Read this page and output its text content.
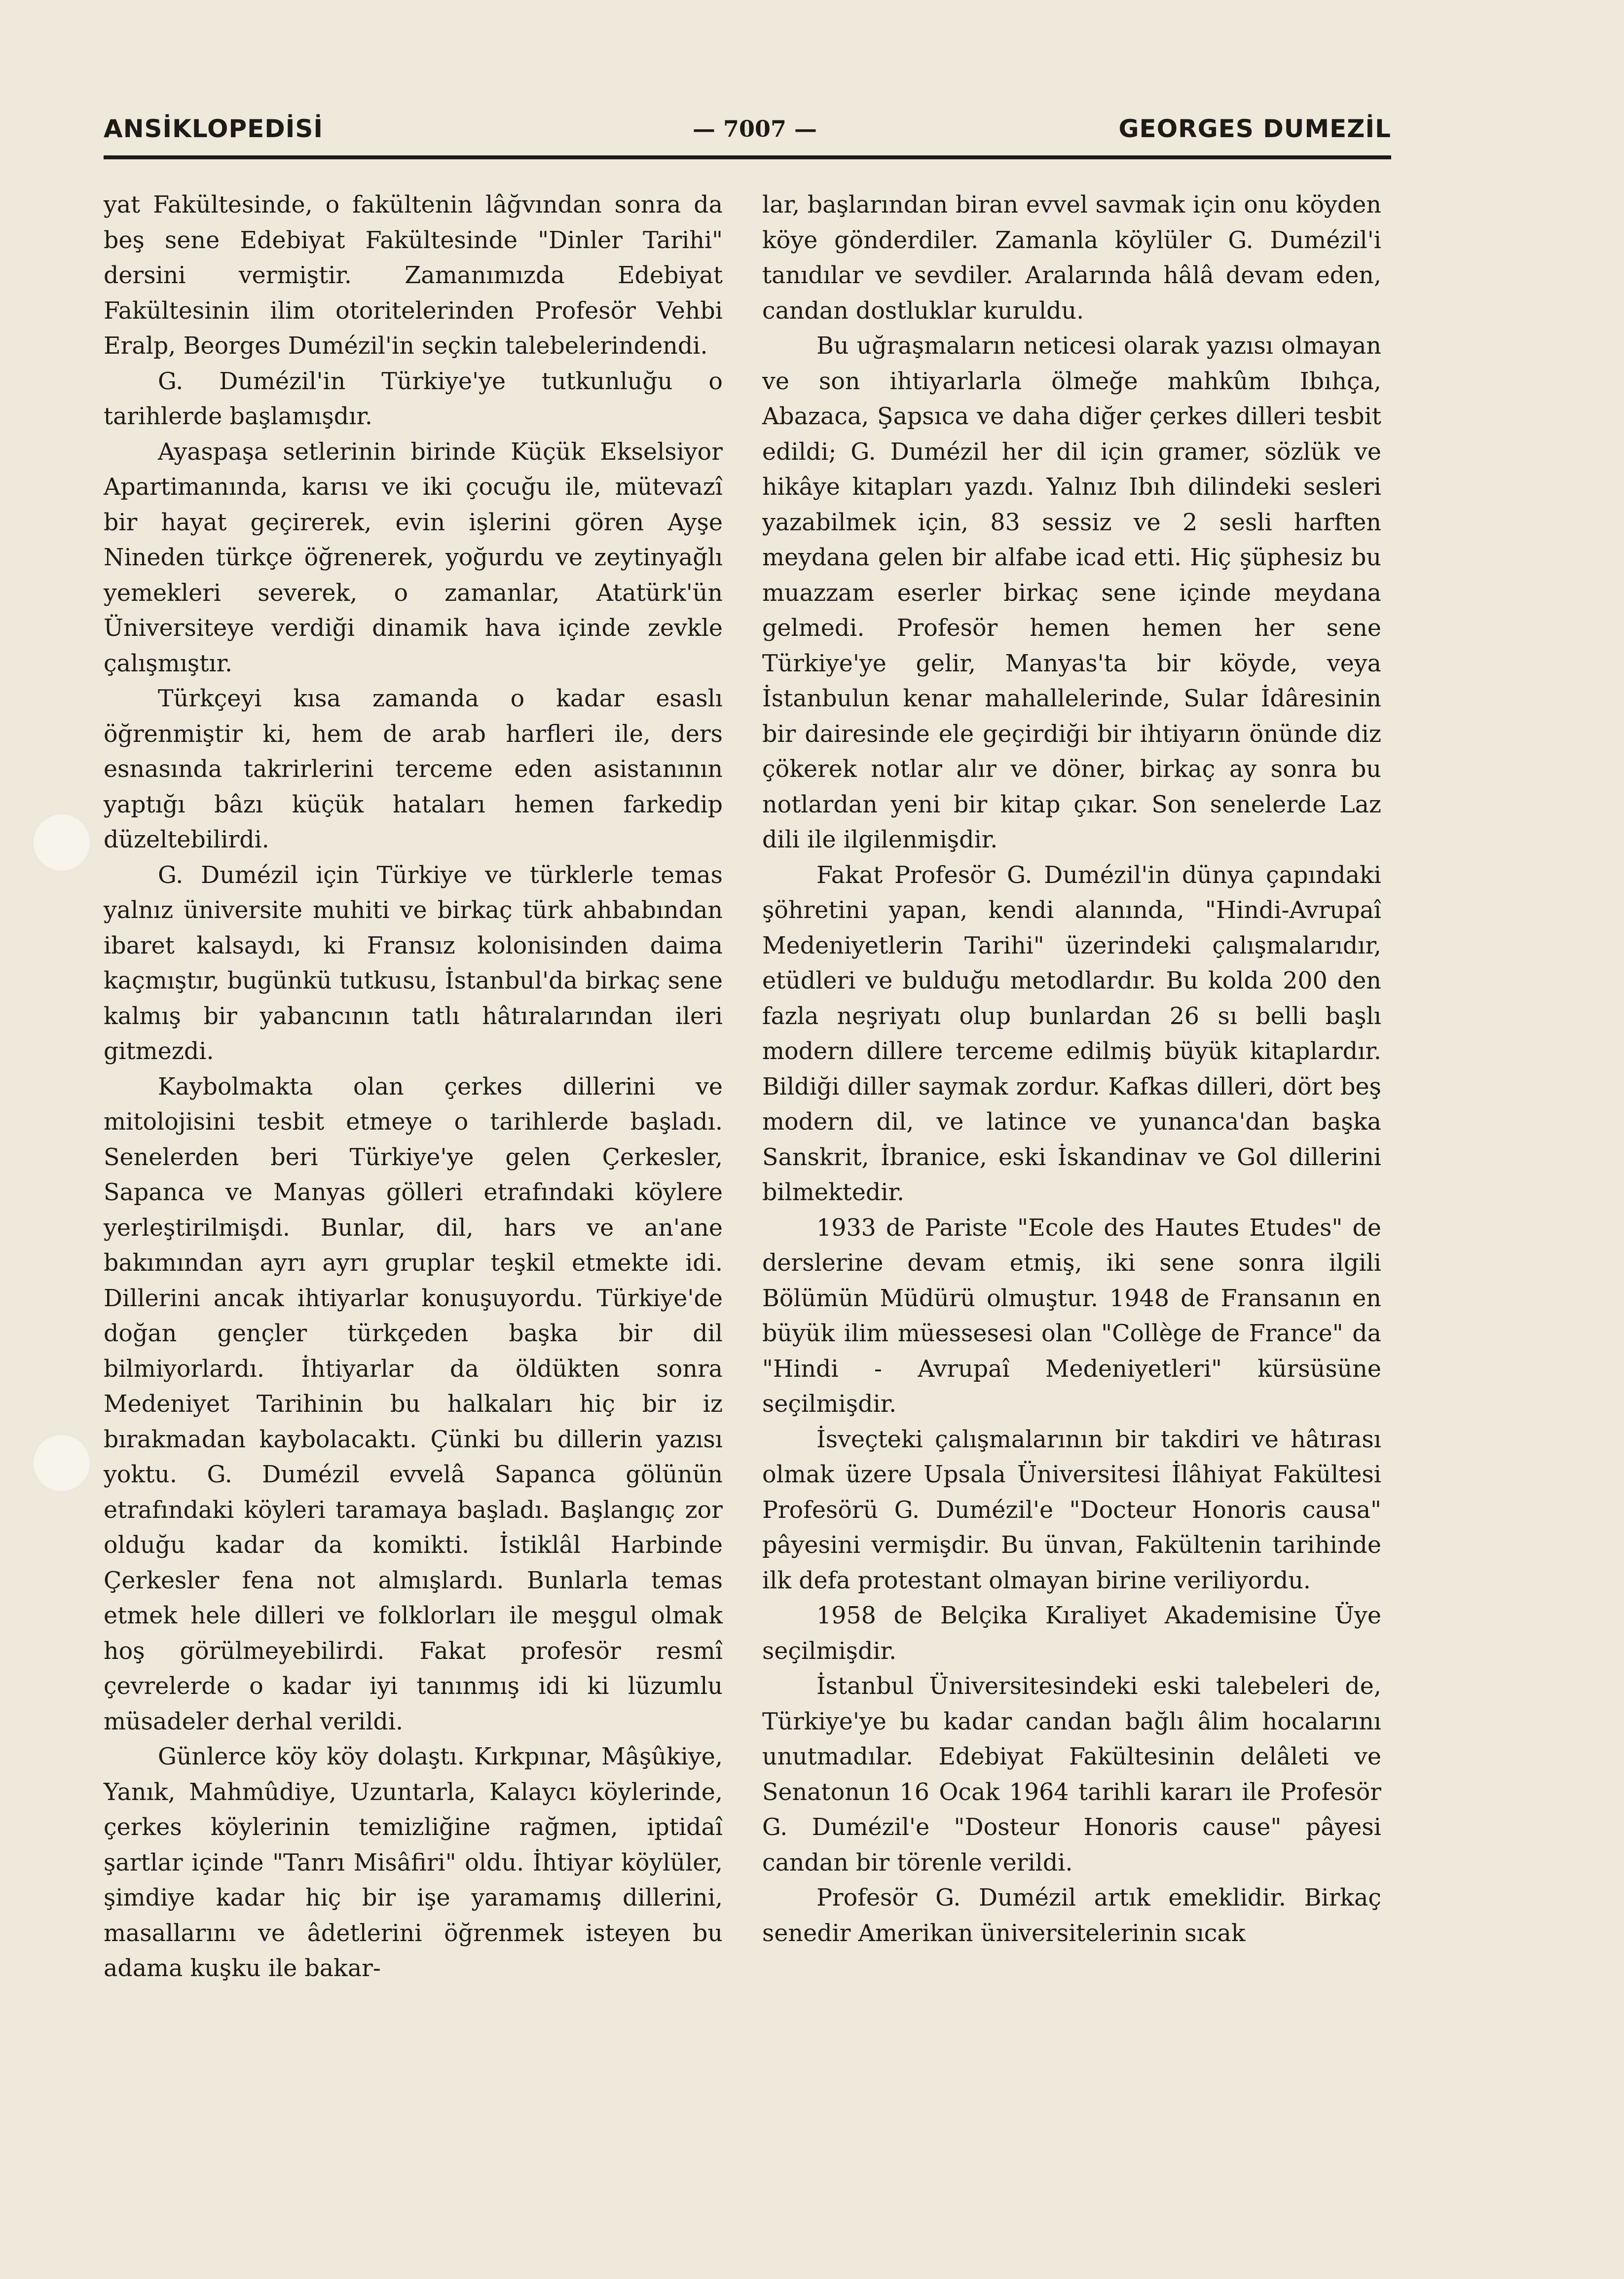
ANSİKLOPEDİSİ	— 7007 —	GEORGES DUMEZİL

yat Fakültesinde, o fakültenin lâğvından sonra da beş sene Edebiyat Fakültesinde "Dinler Tarihi" dersini vermiştir. Zamanımızda Edebiyat Fakültesinin ilim otoritelerinden Profesör Vehbi Eralp, Beorges Dumézil'in seçkin talebelerindendi.

G. Dumézil'in Türkiye'ye tutkunluğu o tarihlerde başlamışdır.

Ayaspaşa setlerinin birinde Küçük Ekselsiyor Apartimanında, karısı ve iki çocuğu ile, mütevazî bir hayat geçirerek, evin işlerini gören Ayşe Nineden türkçe öğrenerek, yoğurdu ve zeytinyağlı yemekleri severek, o zamanlar, Atatürk'ün Üniversiteye verdiği dinamik hava içinde zevkle çalışmıştır.

Türkçeyi kısa zamanda o kadar esaslı öğrenmiştir ki, hem de arab harfleri ile, ders esnasında takrirlerini terceme eden asistanının yaptığı bâzı küçük hataları hemen farkedip düzeltebilirdi.

G. Dumézil için Türkiye ve türklerle temas yalnız üniversite muhiti ve birkaç türk ahbabından ibaret kalsaydı, ki Fransız kolonisinden daima kaçmıştır, bugünkü tutkusu, İstanbul'da birkaç sene kalmış bir yabancının tatlı hâtıralarından ileri gitmezdi.

Kaybolmakta olan çerkes dillerini ve mitolojisini tesbit etmeye o tarihlerde başladı. Senelerden beri Türkiye'ye gelen Çerkesler, Sapanca ve Manyas gölleri etrafındaki köylere yerleştirilmişdi. Bunlar, dil, hars ve an'ane bakımından ayrı ayrı gruplar teşkil etmekte idi. Dillerini ancak ihtiyarlar konuşuyordu. Türkiye'de doğan gençler türkçeden başka bir dil bilmiyorlardı. İhtiyarlar da öldükten sonra Medeniyet Tarihinin bu halkaları hiç bir iz bırakmadan kaybolacaktı. Çünki bu dillerin yazısı yoktu. G. Dumézil evvelâ Sapanca gölünün etrafındaki köyleri taramaya başladı. Başlangıç zor olduğu kadar da komikti. İstiklâl Harbinde Çerkesler fena not almışlardı. Bunlarla temas etmek hele dilleri ve folklorları ile meşgul olmak hoş görülmeyebilirdi. Fakat profesör resmî çevrelerde o kadar iyi tanınmış idi ki lüzumlu müsadeler derhal verildi.

Günlerce köy köy dolaştı. Kırkpınar, Mâşûkiye, Yanık, Mahmûdiye, Uzuntarla, Kalaycı köylerinde, çerkes köylerinin temizliğine rağmen, iptidaî şartlar içinde "Tanrı Misâfiri" oldu. İhtiyar köylüler, şimdiye kadar hiç bir işe yaramamış dillerini, masallarını ve âdetlerini öğrenmek isteyen bu adama kuşku ile bakar-

lar, başlarından biran evvel savmak için onu köyden köye gönderdiler. Zamanla köylüler G. Dumézil'i tanıdılar ve sevdiler. Aralarında hâlâ devam eden, candan dostluklar kuruldu.

Bu uğraşmaların neticesi olarak yazısı olmayan ve son ihtiyarlarla ölmeğe mahkûm Ibıhça, Abazaca, Şapsıca ve daha diğer çerkes dilleri tesbit edildi; G. Dumézil her dil için gramer, sözlük ve hikâye kitapları yazdı. Yalnız Ibıh dilindeki sesleri yazabilmek için, 83 sessiz ve 2 sesli harften meydana gelen bir alfabe icad etti. Hiç şüphesiz bu muazzam eserler birkaç sene içinde meydana gelmedi. Profesör hemen hemen her sene Türkiye'ye gelir, Manyas'ta bir köyde, veya İstanbulun kenar mahallelerinde, Sular İdâresinin bir dairesinde ele geçirdiği bir ihtiyarın önünde diz çökerek notlar alır ve döner, birkaç ay sonra bu notlardan yeni bir kitap çıkar. Son senelerde Laz dili ile ilgilenmişdir.

Fakat Profesör G. Dumézil'in dünya çapındaki şöhretini yapan, kendi alanında, "Hindi-Avrupaî Medeniyetlerin Tarihi" üzerindeki çalışmalarıdır, etüdleri ve bulduğu metodlardır. Bu kolda 200 den fazla neşriyatı olup bunlardan 26 sı belli başlı modern dillere terceme edilmiş büyük kitaplardır. Bildiği diller saymak zordur. Kafkas dilleri, dört beş modern dil, ve latince ve yunanca'dan başka Sanskrit, İbranice, eski İskandinav ve Gol dillerini bilmektedir.

1933 de Pariste "Ecole des Hautes Etudes" de derslerine devam etmiş, iki sene sonra ilgili Bölümün Müdürü olmuştur. 1948 de Fransanın en büyük ilim müessesesi olan "Collège de France" da "Hindi - Avrupaî Medeniyetleri" kürsüsüne seçilmişdir.

İsveçteki çalışmalarının bir takdiri ve hâtırası olmak üzere Upsala Üniversitesi İlâhiyat Fakültesi Profesörü G. Dumézil'e "Docteur Honoris causa" pâyesini vermişdir. Bu ünvan, Fakültenin tarihinde ilk defa protestant olmayan birine veriliyordu.

1958 de Belçika Kıraliyet Akademisine Üye seçilmişdir.

İstanbul Üniversitesindeki eski talebeleri de, Türkiye'ye bu kadar candan bağlı âlim hocalarını unutmadılar. Edebiyat Fakültesinin delâleti ve Senatonun 16 Ocak 1964 tarihli kararı ile Profesör G. Dumézil'e "Dosteur Honoris cause" pâyesi candan bir törenle verildi.

Profesör G. Dumézil artık emeklidir. Birkaç senedir Amerikan üniversitelerinin sıcak
